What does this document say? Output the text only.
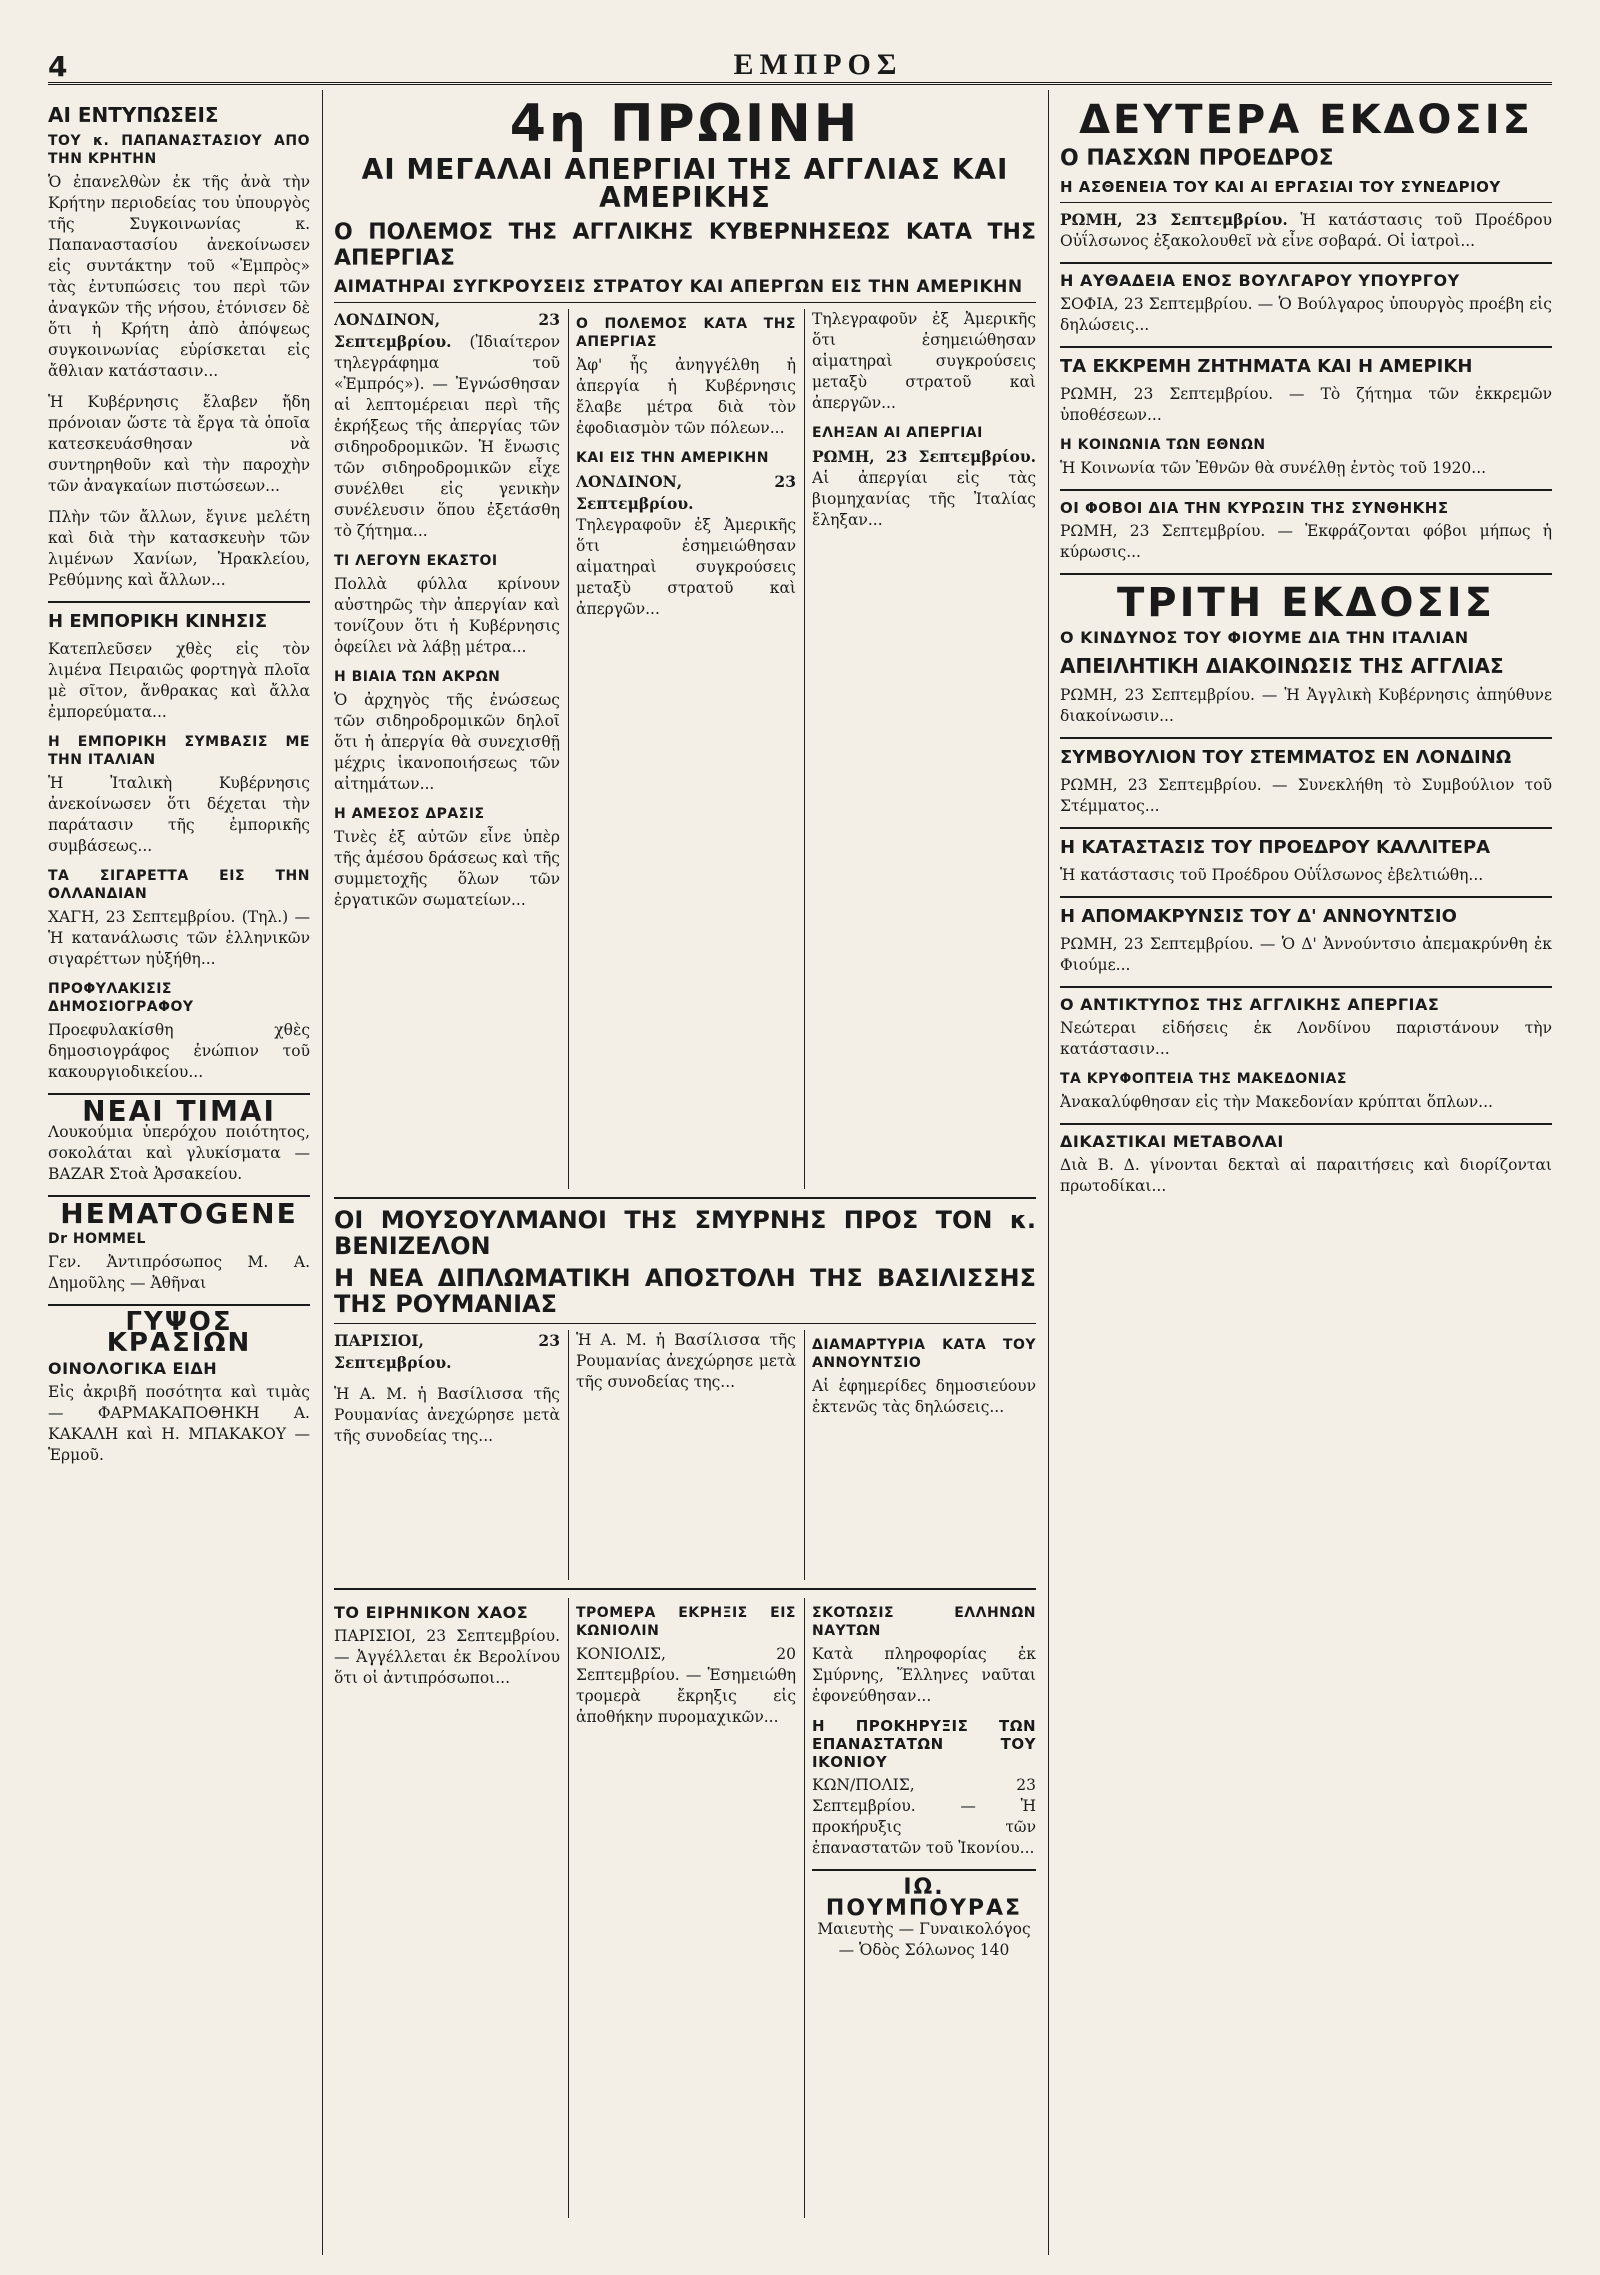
4	ΕΜΠΡΟΣ
ΑΙ ΕΝΤΥΠΩΣΕΙΣ
ΤΟΥ κ. ΠΑΠΑΝΑΣΤΑΣΙΟΥ ΑΠΟ ΤΗΝ ΚΡΗΤΗΝ

Ὁ ἐπανελθὼν ἐκ τῆς ἀνὰ τὴν Κρήτην περιοδείας του ὑπουργὸς τῆς Συγκοινωνίας κ. Παπαναστασίου ἀνεκοίνωσεν εἰς συντάκτην τοῦ «Ἐμπρὸς» τὰς ἐντυπώσεις του περὶ τῶν ἀναγκῶν τῆς νήσου, ἐτόνισεν δὲ ὅτι ἡ Κρήτη ἀπὸ ἀπόψεως συγκοινωνίας εὑρίσκεται εἰς ἄθλιαν κατάστασιν...

Ἡ Κυβέρνησις ἔλαβεν ἤδη πρόνοιαν ὥστε τὰ ἔργα τὰ ὁποῖα κατεσκευάσθησαν νὰ συντηρηθοῦν καὶ τὴν παροχὴν τῶν ἀναγκαίων πιστώσεων...

Πλὴν τῶν ἄλλων, ἔγινε μελέτη καὶ διὰ τὴν κατασκευὴν τῶν λιμένων Χανίων, Ἡρακλείου, Ρεθύμνης καὶ ἄλλων...

Η ΕΜΠΟΡΙΚΗ ΚΙΝΗΣΙΣ

Κατεπλεῦσεν χθὲς εἰς τὸν λιμένα Πειραιῶς φορτηγὰ πλοῖα μὲ σῖτον, ἄνθρακας καὶ ἄλλα ἐμπορεύματα...

Η ΕΜΠΟΡΙΚΗ ΣΥΜΒΑΣΙΣ ΜΕ ΤΗΝ ΙΤΑΛΙΑΝ

Ἡ Ἰταλικὴ Κυβέρνησις ἀνεκοίνωσεν ὅτι δέχεται τὴν παράτασιν τῆς ἐμπορικῆς συμβάσεως...

ΤΑ ΣΙΓΑΡΕΤΤΑ ΕΙΣ ΤΗΝ ΟΛΛΑΝΔΙΑΝ

ΧΑΓΗ, 23 Σεπτεμβρίου. (Τηλ.) — Ἡ κατανάλωσις τῶν ἑλληνικῶν σιγαρέττων ηὐξήθη...

ΠΡΟΦΥΛΑΚΙΣΙΣ ΔΗΜΟΣΙΟΓΡΑΦΟΥ

Προεφυλακίσθη χθὲς δημοσιογράφος ἐνώπιον τοῦ κακουργιοδικείου...

ΝΕΑΙ ΤΙΜΑΙ

Λουκούμια ὑπερόχου ποιότητος, σοκολάται καὶ γλυκίσματα — BAZAR Στοὰ Ἀρσακείου.

HEMATOGENE
Dr HOMMEL

Γεν. Ἀντιπρόσωπος Μ. Α. Δημοῦλης — Ἀθῆναι

ΓΥΨΟΣ ΚΡΑΣΙΩΝ
ΟΙΝΟΛΟΓΙΚΑ ΕΙΔΗ

Εἰς ἀκριβῆ ποσότητα καὶ τιμὰς — ΦΑΡΜΑΚΑΠΟΘΗΚΗ Α. ΚΑΚΑΛΗ καὶ Η. ΜΠΑΚΑΚΟΥ — Ἑρμοῦ.

4η ΠΡΩΙΝΗ
ΑΙ ΜΕΓΑΛΑΙ ΑΠΕΡΓΙΑΙ ΤΗΣ ΑΓΓΛΙΑΣ ΚΑΙ ΑΜΕΡΙΚΗΣ
Ο ΠΟΛΕΜΟΣ ΤΗΣ ΑΓΓΛΙΚΗΣ ΚΥΒΕΡΝΗΣΕΩΣ ΚΑΤΑ ΤΗΣ ΑΠΕΡΓΙΑΣ
ΑΙΜΑΤΗΡΑΙ ΣΥΓΚΡΟΥΣΕΙΣ ΣΤΡΑΤΟΥ ΚΑΙ ΑΠΕΡΓΩΝ ΕΙΣ ΤΗΝ ΑΜΕΡΙΚΗΝ

ΛΟΝΔΙΝΟΝ, 23 Σεπτεμβρίου. (Ἰδιαίτερον τηλεγράφημα τοῦ «Ἐμπρός»). — Ἐγνώσθησαν αἱ λεπτομέρειαι περὶ τῆς ἐκρήξεως τῆς ἀπεργίας τῶν σιδηροδρομικῶν. Ἡ ἔνωσις τῶν σιδηροδρομικῶν εἶχε συνέλθει εἰς γενικὴν συνέλευσιν ὅπου ἐξετάσθη τὸ ζήτημα...

ΤΙ ΛΕΓΟΥΝ ΕΚΑΣΤΟΙ

Πολλὰ φύλλα κρίνουν αὐστηρῶς τὴν ἀπεργίαν καὶ τονίζουν ὅτι ἡ Κυβέρνησις ὀφείλει νὰ λάβῃ μέτρα...

Η ΒΙΑΙΑ ΤΩΝ ΑΚΡΩΝ

Ὁ ἀρχηγὸς τῆς ἐνώσεως τῶν σιδηροδρομικῶν δηλοῖ ὅτι ἡ ἀπεργία θὰ συνεχισθῇ μέχρις ἱκανοποιήσεως τῶν αἰτημάτων...

Η ΑΜΕΣΟΣ ΔΡΑΣΙΣ

Τινὲς ἐξ αὐτῶν εἶνε ὑπὲρ τῆς ἀμέσου δράσεως καὶ τῆς συμμετοχῆς ὅλων τῶν ἐργατικῶν σωματείων...

Ο ΠΟΛΕΜΟΣ ΚΑΤΑ ΤΗΣ ΑΠΕΡΓΙΑΣ

Ἀφ' ἧς ἀνηγγέλθη ἡ ἀπεργία ἡ Κυβέρνησις ἔλαβε μέτρα διὰ τὸν ἐφοδιασμὸν τῶν πόλεων...

ΚΑΙ ΕΙΣ ΤΗΝ ΑΜΕΡΙΚΗΝ

ΛΟΝΔΙΝΟΝ, 23 Σεπτεμβρίου. Τηλεγραφοῦν ἐξ Ἀμερικῆς ὅτι ἐσημειώθησαν αἱματηραὶ συγκρούσεις μεταξὺ στρατοῦ καὶ ἀπεργῶν...

Τηλεγραφοῦν ἐξ Ἀμερικῆς ὅτι ἐσημειώθησαν αἱματηραὶ συγκρούσεις μεταξὺ στρατοῦ καὶ ἀπεργῶν...

ΕΛΗΞΑΝ ΑΙ ΑΠΕΡΓΙΑΙ

ΡΩΜΗ, 23 Σεπτεμβρίου. Αἱ ἀπεργίαι εἰς τὰς βιομηχανίας τῆς Ἰταλίας ἔληξαν...

ΟΙ ΜΟΥΣΟΥΛΜΑΝΟΙ ΤΗΣ ΣΜΥΡΝΗΣ ΠΡΟΣ ΤΟΝ κ. ΒΕΝΙΖΕΛΟΝ
Η ΝΕΑ ΔΙΠΛΩΜΑΤΙΚΗ ΑΠΟΣΤΟΛΗ ΤΗΣ ΒΑΣΙΛΙΣΣΗΣ ΤΗΣ ΡΟΥΜΑΝΙΑΣ

ΠΑΡΙΣΙΟΙ, 23 Σεπτεμβρίου.

Ἡ Α. Μ. ἡ Βασίλισσα τῆς Ρουμανίας ἀνεχώρησε μετὰ τῆς συνοδείας της...

Ἡ Α. Μ. ἡ Βασίλισσα τῆς Ρουμανίας ἀνεχώρησε μετὰ τῆς συνοδείας της...

ΔΙΑΜΑΡΤΥΡΙΑ ΚΑΤΑ ΤΟΥ ΑΝΝΟΥΝΤΣΙΟ

Αἱ ἐφημερίδες δημοσιεύουν ἐκτενῶς τὰς δηλώσεις...

ΤΟ ΕΙΡΗΝΙΚΟΝ ΧΑΟΣ

ΠΑΡΙΣΙΟΙ, 23 Σεπτεμβρίου. — Ἀγγέλλεται ἐκ Βερολίνου ὅτι οἱ ἀντιπρόσωποι...

ΤΡΟΜΕΡΑ ΕΚΡΗΞΙΣ ΕΙΣ ΚΩΝΙΟΛΙΝ

ΚΟΝΙΟΛΙΣ, 20 Σεπτεμβρίου. — Ἐσημειώθη τρομερὰ ἔκρηξις εἰς ἀποθήκην πυρομαχικῶν...

ΣΚΟΤΩΣΙΣ ΕΛΛΗΝΩΝ ΝΑΥΤΩΝ

Κατὰ πληροφορίας ἐκ Σμύρνης, Ἕλληνες ναῦται ἐφονεύθησαν...

Η ΠΡΟΚΗΡΥΞΙΣ ΤΩΝ ΕΠΑΝΑΣΤΑΤΩΝ ΤΟΥ ΙΚΟΝΙΟΥ

ΚΩΝ/ΠΟΛΙΣ, 23 Σεπτεμβρίου. — Ἡ προκήρυξις τῶν ἐπαναστατῶν τοῦ Ἰκονίου...

ΙΩ. ΠΟΥΜΠΟΥΡΑΣ

Μαιευτὴς — Γυναικολόγος — Ὁδὸς Σόλωνος 140

ΔΕΥΤΕΡΑ ΕΚΔΟΣΙΣ
Ο ΠΑΣΧΩΝ ΠΡΟΕΔΡΟΣ
Η ΑΣΘΕΝΕΙΑ ΤΟΥ ΚΑΙ ΑΙ ΕΡΓΑΣΙΑΙ ΤΟΥ ΣΥΝΕΔΡΙΟΥ

ΡΩΜΗ, 23 Σεπτεμβρίου. Ἡ κατάστασις τοῦ Προέδρου Οὐΐλσωνος ἐξακολουθεῖ νὰ εἶνε σοβαρά. Οἱ ἰατροὶ...

Η ΑΥΘΑΔΕΙΑ ΕΝΟΣ ΒΟΥΛΓΑΡΟΥ ΥΠΟΥΡΓΟΥ

ΣΟΦΙΑ, 23 Σεπτεμβρίου. — Ὁ Βούλγαρος ὑπουργὸς προέβη εἰς δηλώσεις...

ΤΑ ΕΚΚΡΕΜΗ ΖΗΤΗΜΑΤΑ ΚΑΙ Η ΑΜΕΡΙΚΗ

ΡΩΜΗ, 23 Σεπτεμβρίου. — Τὸ ζήτημα τῶν ἐκκρεμῶν ὑποθέσεων...

Η ΚΟΙΝΩΝΙΑ ΤΩΝ ΕΘΝΩΝ

Ἡ Κοινωνία τῶν Ἐθνῶν θὰ συνέλθῃ ἐντὸς τοῦ 1920...

ΟΙ ΦΟΒΟΙ ΔΙΑ ΤΗΝ ΚΥΡΩΣΙΝ ΤΗΣ ΣΥΝΘΗΚΗΣ

ΡΩΜΗ, 23 Σεπτεμβρίου. — Ἐκφράζονται φόβοι μήπως ἡ κύρωσις...

ΤΡΙΤΗ ΕΚΔΟΣΙΣ
Ο ΚΙΝΔΥΝΟΣ ΤΟΥ ΦΙΟΥΜΕ ΔΙΑ ΤΗΝ ΙΤΑΛΙΑΝ
ΑΠΕΙΛΗΤΙΚΗ ΔΙΑΚΟΙΝΩΣΙΣ ΤΗΣ ΑΓΓΛΙΑΣ

ΡΩΜΗ, 23 Σεπτεμβρίου. — Ἡ Ἀγγλικὴ Κυβέρνησις ἀπηύθυνε διακοίνωσιν...

ΣΥΜΒΟΥΛΙΟΝ ΤΟΥ ΣΤΕΜΜΑΤΟΣ ΕΝ ΛΟΝΔΙΝΩ

ΡΩΜΗ, 23 Σεπτεμβρίου. — Συνεκλήθη τὸ Συμβούλιον τοῦ Στέμματος...

Η ΚΑΤΑΣΤΑΣΙΣ ΤΟΥ ΠΡΟΕΔΡΟΥ ΚΑΛΛΙΤΕΡΑ

Ἡ κατάστασις τοῦ Προέδρου Οὐΐλσωνος ἐβελτιώθη...

Η ΑΠΟΜΑΚΡΥΝΣΙΣ ΤΟΥ Δ' ΑΝΝΟΥΝΤΣΙΟ

ΡΩΜΗ, 23 Σεπτεμβρίου. — Ὁ Δ' Ἀννούντσιο ἀπεμακρύνθη ἐκ Φιούμε...

Ο ΑΝΤΙΚΤΥΠΟΣ ΤΗΣ ΑΓΓΛΙΚΗΣ ΑΠΕΡΓΙΑΣ

Νεώτεραι εἰδήσεις ἐκ Λονδίνου παριστάνουν τὴν κατάστασιν...

ΤΑ ΚΡΥΦΟΠΤΕΙΑ ΤΗΣ ΜΑΚΕΔΟΝΙΑΣ

Ἀνακαλύφθησαν εἰς τὴν Μακεδονίαν κρύπται ὅπλων...

ΔΙΚΑΣΤΙΚΑΙ ΜΕΤΑΒΟΛΑΙ

Διὰ Β. Δ. γίνονται δεκταὶ αἱ παραιτήσεις καὶ διορίζονται πρωτοδίκαι...
